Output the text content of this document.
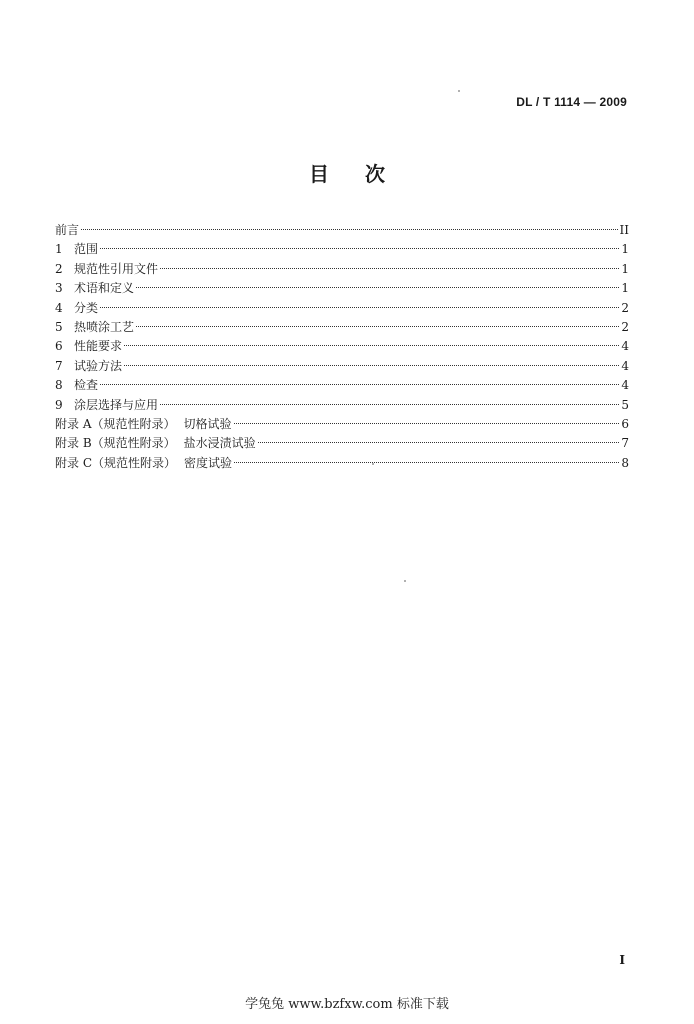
DL / T 1114 — 2009
目 次
前言	II
1 范围	1
2 规范性引用文件	1
3 术语和定义	1
4 分类	2
5 热喷涂工艺	2
6 性能要求	4
7 试验方法	4
8 检查	4
9 涂层选择与应用	5
附录 A（规范性附录） 切格试验	6
附录 B（规范性附录） 盐水浸渍试验	7
附录 C（规范性附录） 密度试验	8
I
学兔兔 www.bzfxw.com 标准下载
